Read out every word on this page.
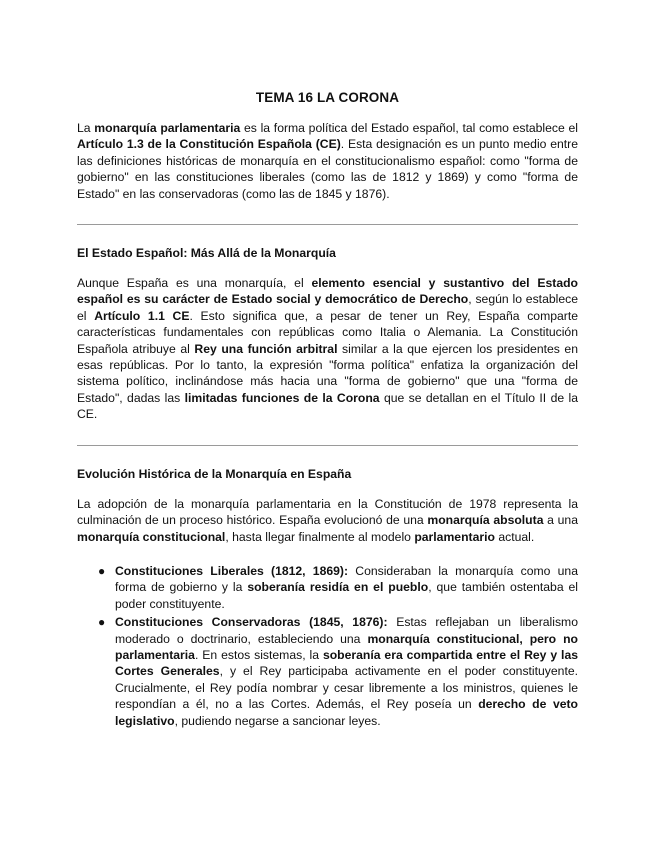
TEMA 16 LA CORONA

La monarquía parlamentaria es la forma política del Estado español, tal como establece el Artículo 1.3 de la Constitución Española (CE). Esta designación es un punto medio entre las definiciones históricas de monarquía en el constitucionalismo español: como "forma de gobierno" en las constituciones liberales (como las de 1812 y 1869) y como "forma de Estado" en las conservadoras (como las de 1845 y 1876).

El Estado Español: Más Allá de la Monarquía

Aunque España es una monarquía, el elemento esencial y sustantivo del Estado español es su carácter de Estado social y democrático de Derecho, según lo establece el Artículo 1.1 CE. Esto significa que, a pesar de tener un Rey, España comparte características fundamentales con repúblicas como Italia o Alemania. La Constitución Española atribuye al Rey una función arbitral similar a la que ejercen los presidentes en esas repúblicas. Por lo tanto, la expresión "forma política" enfatiza la organización del sistema político, inclinándose más hacia una "forma de gobierno" que una "forma de Estado", dadas las limitadas funciones de la Corona que se detallan en el Título II de la CE.

Evolución Histórica de la Monarquía en España

La adopción de la monarquía parlamentaria en la Constitución de 1978 representa la culminación de un proceso histórico. España evolucionó de una monarquía absoluta a una monarquía constitucional, hasta llegar finalmente al modelo parlamentario actual.

● Constituciones Liberales (1812, 1869): Consideraban la monarquía como una forma de gobierno y la soberanía residía en el pueblo, que también ostentaba el poder constituyente.
● Constituciones Conservadoras (1845, 1876): Estas reflejaban un liberalismo moderado o doctrinario, estableciendo una monarquía constitucional, pero no parlamentaria. En estos sistemas, la soberanía era compartida entre el Rey y las Cortes Generales, y el Rey participaba activamente en el poder constituyente. Crucialmente, el Rey podía nombrar y cesar libremente a los ministros, quienes le respondían a él, no a las Cortes. Además, el Rey poseía un derecho de veto legislativo, pudiendo negarse a sancionar leyes.
